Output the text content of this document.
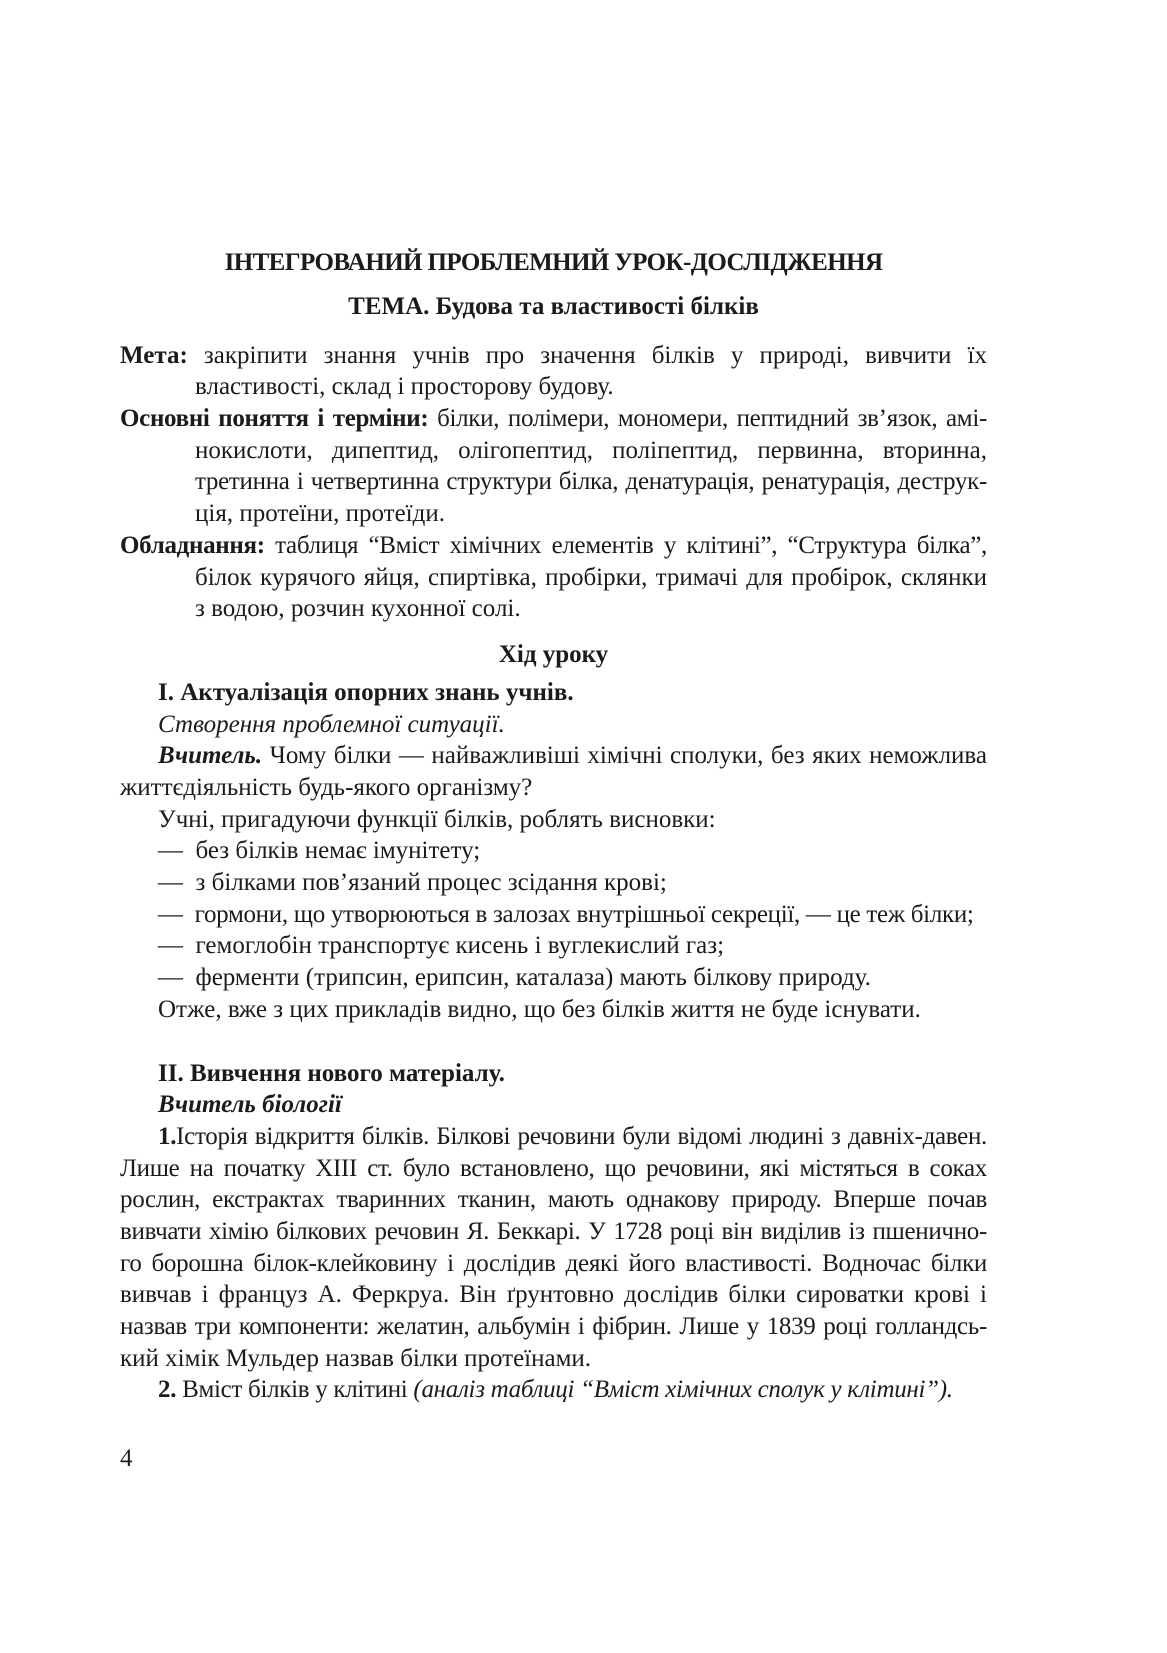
ІНТЕГРОВАНИЙ ПРОБЛЕМНИЙ УРОК-ДОСЛІДЖЕННЯ
ТЕМА. Будова та властивості білків
Мета: закріпити знання учнів про значення білків у природі, вивчити їх
властивості, склад і просторову будову.
Основні поняття і терміни: білки, полімери, мономери, пептидний зв’язок, амі-
нокислоти, дипептид, олігопептид, поліпептид, первинна, вторинна,
третинна і четвертинна структури білка, денатурація, ренатурація, деструк-
ція, протеїни, протеїди.
Обладнання: таблиця “Вміст хімічних елементів у клітині”, “Структура білка”,
білок курячого яйця, спиртівка, пробірки, тримачі для пробірок, склянки
з водою, розчин кухонної солі.
Хід уроку
І. Актуалізація опорних знань учнів.
Створення проблемної ситуації.
Вчитель. Чому білки — найважливіші хімічні сполуки, без яких неможлива
життєдіяльність будь-якого організму?
Учні, пригадуючи функції білків, роблять висновки:
— без білків немає імунітету;
— з білками пов’язаний процес зсідання крові;
— гормони, що утворюються в залозах внутрішньої секреції, — це теж білки;
— гемоглобін транспортує кисень і вуглекислий газ;
— ферменти (трипсин, ерипсин, каталаза) мають білкову природу.
Отже, вже з цих прикладів видно, що без білків життя не буде існувати.
ІІ. Вивчення нового матеріалу.
Вчитель біології
1.Історія відкриття білків. Білкові речовини були відомі людині з давніх-давен.
Лише на початку ХІІІ ст. було встановлено, що речовини, які містяться в соках
рослин, екстрактах тваринних тканин, мають однакову природу. Вперше почав
вивчати хімію білкових речовин Я. Беккарі. У 1728 році він виділив із пшенично-
го борошна білок-клейковину і дослідив деякі його властивості. Водночас білки
вивчав і француз А. Феркруа. Він ґрунтовно дослідив білки сироватки крові і
назвав три компоненти: желатин, альбумін і фібрин. Лише у 1839 році голландсь-
кий хімік Мульдер назвав білки протеїнами.
2. Вміст білків у клітині (аналіз таблиці “Вміст хімічних сполук у клітині”).
4
